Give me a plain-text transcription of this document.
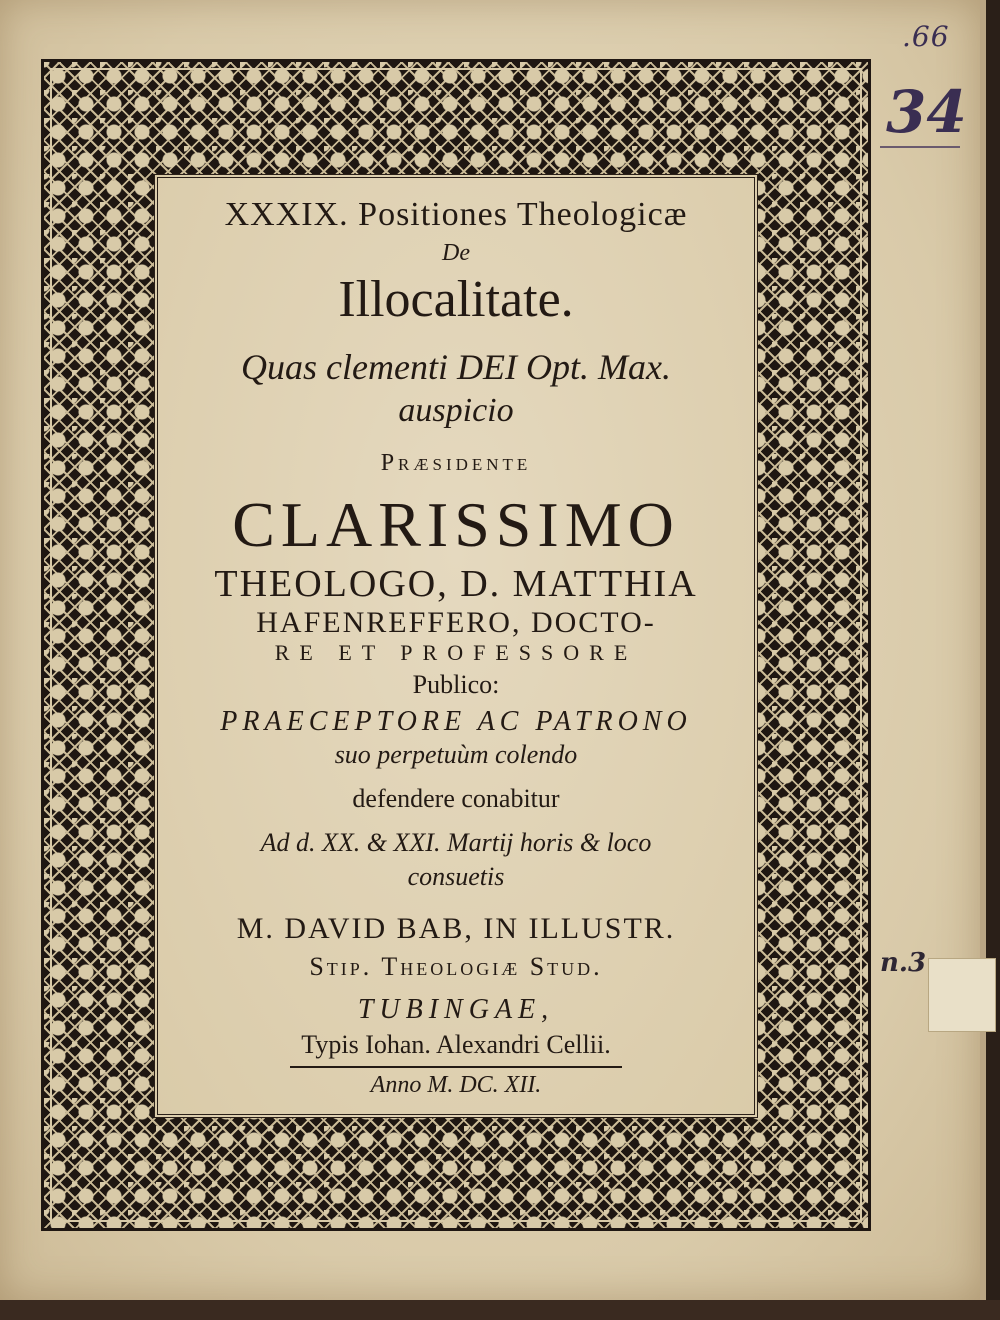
.66
34
n.3
XXXIX. Positiones Theologicæ
De
Illocalitate.
Quas clementi DEI Opt. Max.
auspicio
Præsidente
CLARISSIMO
THEOLOGO, D. MATTHIA
HAFENREFFERO, DOCTO-
RE ET PROFESSORE
Publico:
PRAECEPTORE AC PATRONO
suo perpetuùm colendo
defendere conabitur
Ad d. XX. & XXI. Martij horis & loco
consuetis
M. DAVID BAB, IN ILLUSTR.
Stip. Theologiæ Stud.
TUBINGAE,
Typis Iohan. Alexandri Cellii.
Anno M. DC. XII.
